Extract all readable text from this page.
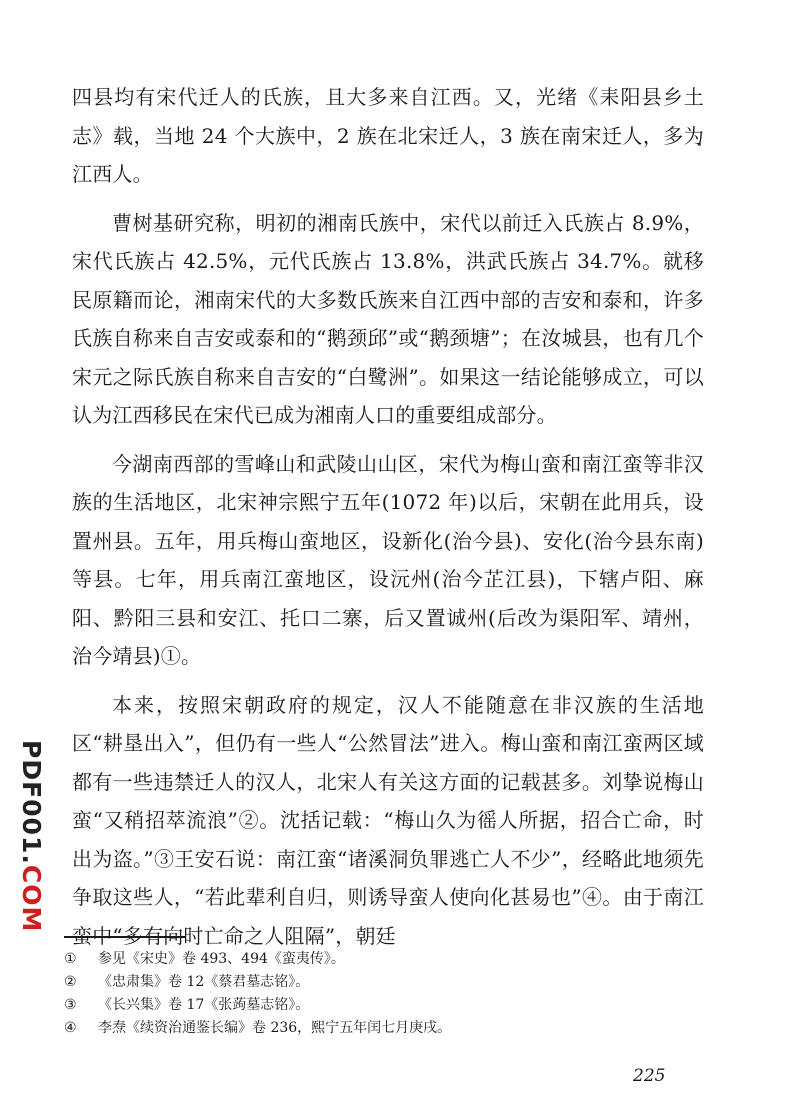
PDF001.COM

四县均有宋代迁人的氏族，且大多来自江西。又，光绪《耒阳县乡土志》载，当地 24 个大族中，2 族在北宋迁人，3 族在南宋迁人，多为江西人。

曹树基研究称，明初的湘南氏族中，宋代以前迁入氏族占 8.9%，宋代氏族占 42.5%，元代氏族占 13.8%，洪武氏族占 34.7%。就移民原籍而论，湘南宋代的大多数氏族来自江西中部的吉安和泰和，许多氏族自称来自吉安或泰和的“鹅颈邱”或“鹅颈塘”；在汝城县，也有几个宋元之际氏族自称来自吉安的“白鹭洲”。如果这一结论能够成立，可以认为江西移民在宋代已成为湘南人口的重要组成部分。

今湖南西部的雪峰山和武陵山山区，宋代为梅山蛮和南江蛮等非汉族的生活地区，北宋神宗熙宁五年(1072 年)以后，宋朝在此用兵，设置州县。五年，用兵梅山蛮地区，设新化(治今县)、安化(治今县东南)等县。七年，用兵南江蛮地区，设沅州(治今芷江县)，下辖卢阳、麻阳、黔阳三县和安江、托口二寨，后又置诚州(后改为渠阳军、靖州，治今靖县)①。

本来，按照宋朝政府的规定，汉人不能随意在非汉族的生活地区“耕垦出入”，但仍有一些人“公然冒法”进入。梅山蛮和南江蛮两区域都有一些违禁迁人的汉人，北宋人有关这方面的记载甚多。刘挚说梅山蛮“又稍招萃流浪”②。沈括记载：“梅山久为徭人所据，招合亡命，时出为盗。”③王安石说：南江蛮“诸溪洞负罪逃亡人不少”，经略此地须先争取这些人，“若此辈利自归，则诱导蛮人使向化甚易也”④。由于南江蛮中“多有向时亡命之人阻隔”，朝廷

① 参见《宋史》卷 493、494《蛮夷传》。
② 《忠肃集》卷 12《蔡君墓志铭》。
③ 《长兴集》卷 17《张蒟墓志铭》。
④ 李焘《续资治通鉴长编》卷 236，熙宁五年闰七月庚戌。
225
